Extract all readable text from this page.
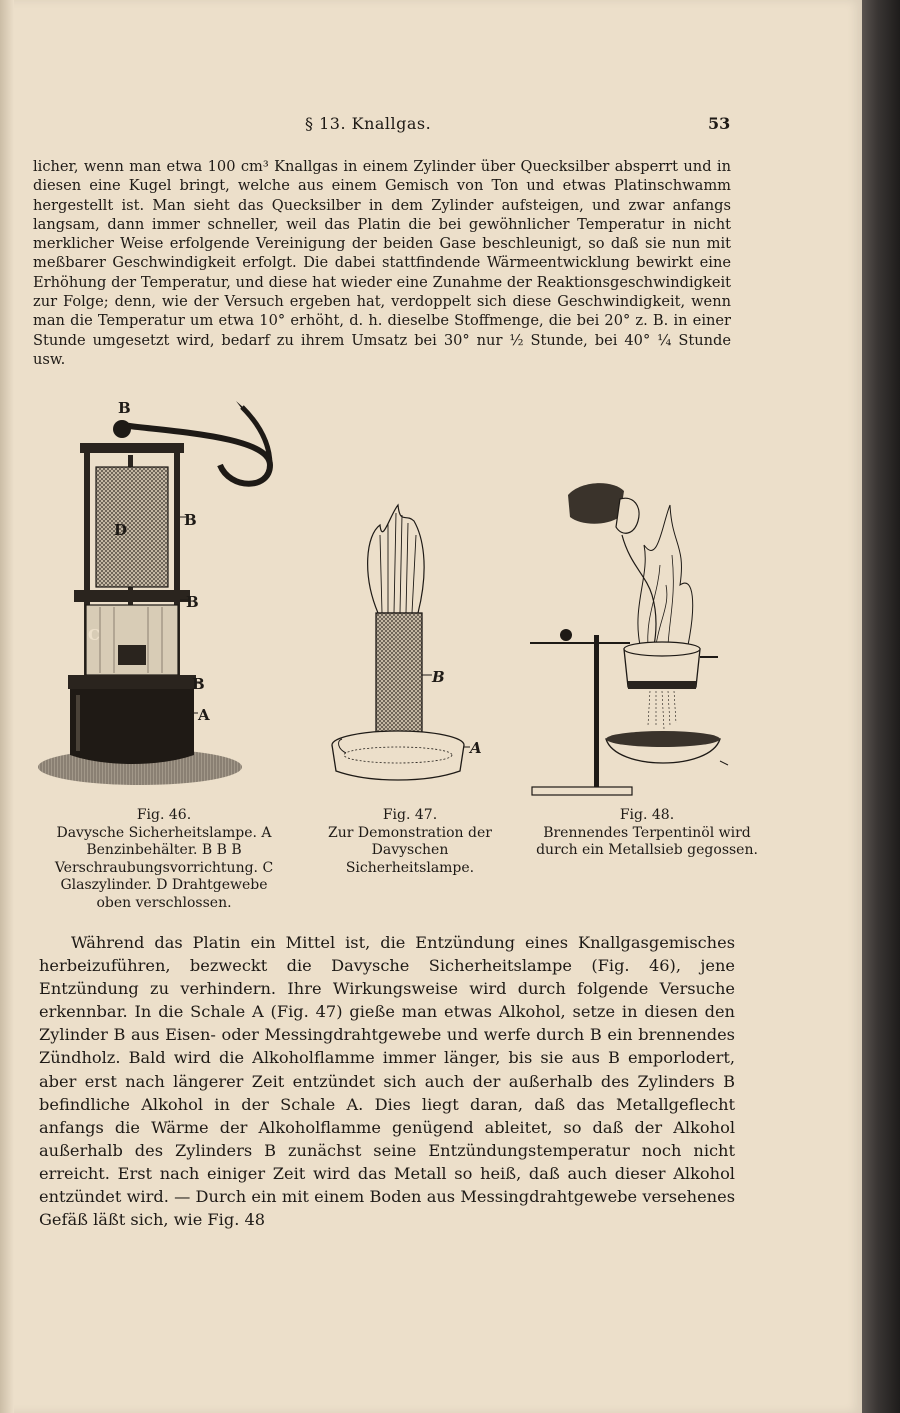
§ 13. Knallgas.	53
licher, wenn man etwa 100 cm³ Knallgas in einem Zylinder über Quecksilber absperrt und in diesen eine Kugel bringt, welche aus einem Gemisch von Ton und etwas Platinschwamm hergestellt ist. Man sieht das Quecksilber in dem Zylinder aufsteigen, und zwar anfangs langsam, dann immer schneller, weil das Platin die bei gewöhnlicher Temperatur in nicht merklicher Weise erfolgende Vereinigung der beiden Gase beschleunigt, so daß sie nun mit meßbarer Geschwindigkeit erfolgt. Die dabei stattfindende Wärmeentwicklung bewirkt eine Erhöhung der Temperatur, und diese hat wieder eine Zunahme der Reaktionsgeschwindigkeit zur Folge; denn, wie der Versuch ergeben hat, verdoppelt sich diese Geschwindigkeit, wenn man die Temperatur um etwa 10° erhöht, d. h. dieselbe Stoffmenge, die bei 20° z. B. in einer Stunde umgesetzt wird, bedarf zu ihrem Umsatz bei 30° nur ½ Stunde, bei 40° ¼ Stunde usw.
B
B
B
B
A
C
D
Fig. 46.
Davysche Sicherheitslampe. A Benzinbehälter. B B B Verschraubungsvorrichtung. C Glaszylinder. D Drahtgewebe oben verschlossen.
B
A
Fig. 47.
Zur Demonstration der Davyschen Sicherheitslampe.
Fig. 48.
Brennendes Terpentinöl wird durch ein Metallsieb gegossen.
Während das Platin ein Mittel ist, die Entzündung eines Knallgasgemisches herbeizuführen, bezweckt die Davysche Sicherheitslampe (Fig. 46), jene Entzündung zu verhindern. Ihre Wirkungsweise wird durch folgende Versuche erkennbar. In die Schale A (Fig. 47) gieße man etwas Alkohol, setze in diesen den Zylinder B aus Eisen- oder Messingdrahtgewebe und werfe durch B ein brennendes Zündholz. Bald wird die Alkoholflamme immer länger, bis sie aus B emporlodert, aber erst nach längerer Zeit entzündet sich auch der außerhalb des Zylinders B befindliche Alkohol in der Schale A. Dies liegt daran, daß das Metallgeflecht anfangs die Wärme der Alkoholflamme genügend ableitet, so daß der Alkohol außerhalb des Zylinders B zunächst seine Entzündungstemperatur noch nicht erreicht. Erst nach einiger Zeit wird das Metall so heiß, daß auch dieser Alkohol entzündet wird. — Durch ein mit einem Boden aus Messingdrahtgewebe versehenes Gefäß läßt sich, wie Fig. 48
